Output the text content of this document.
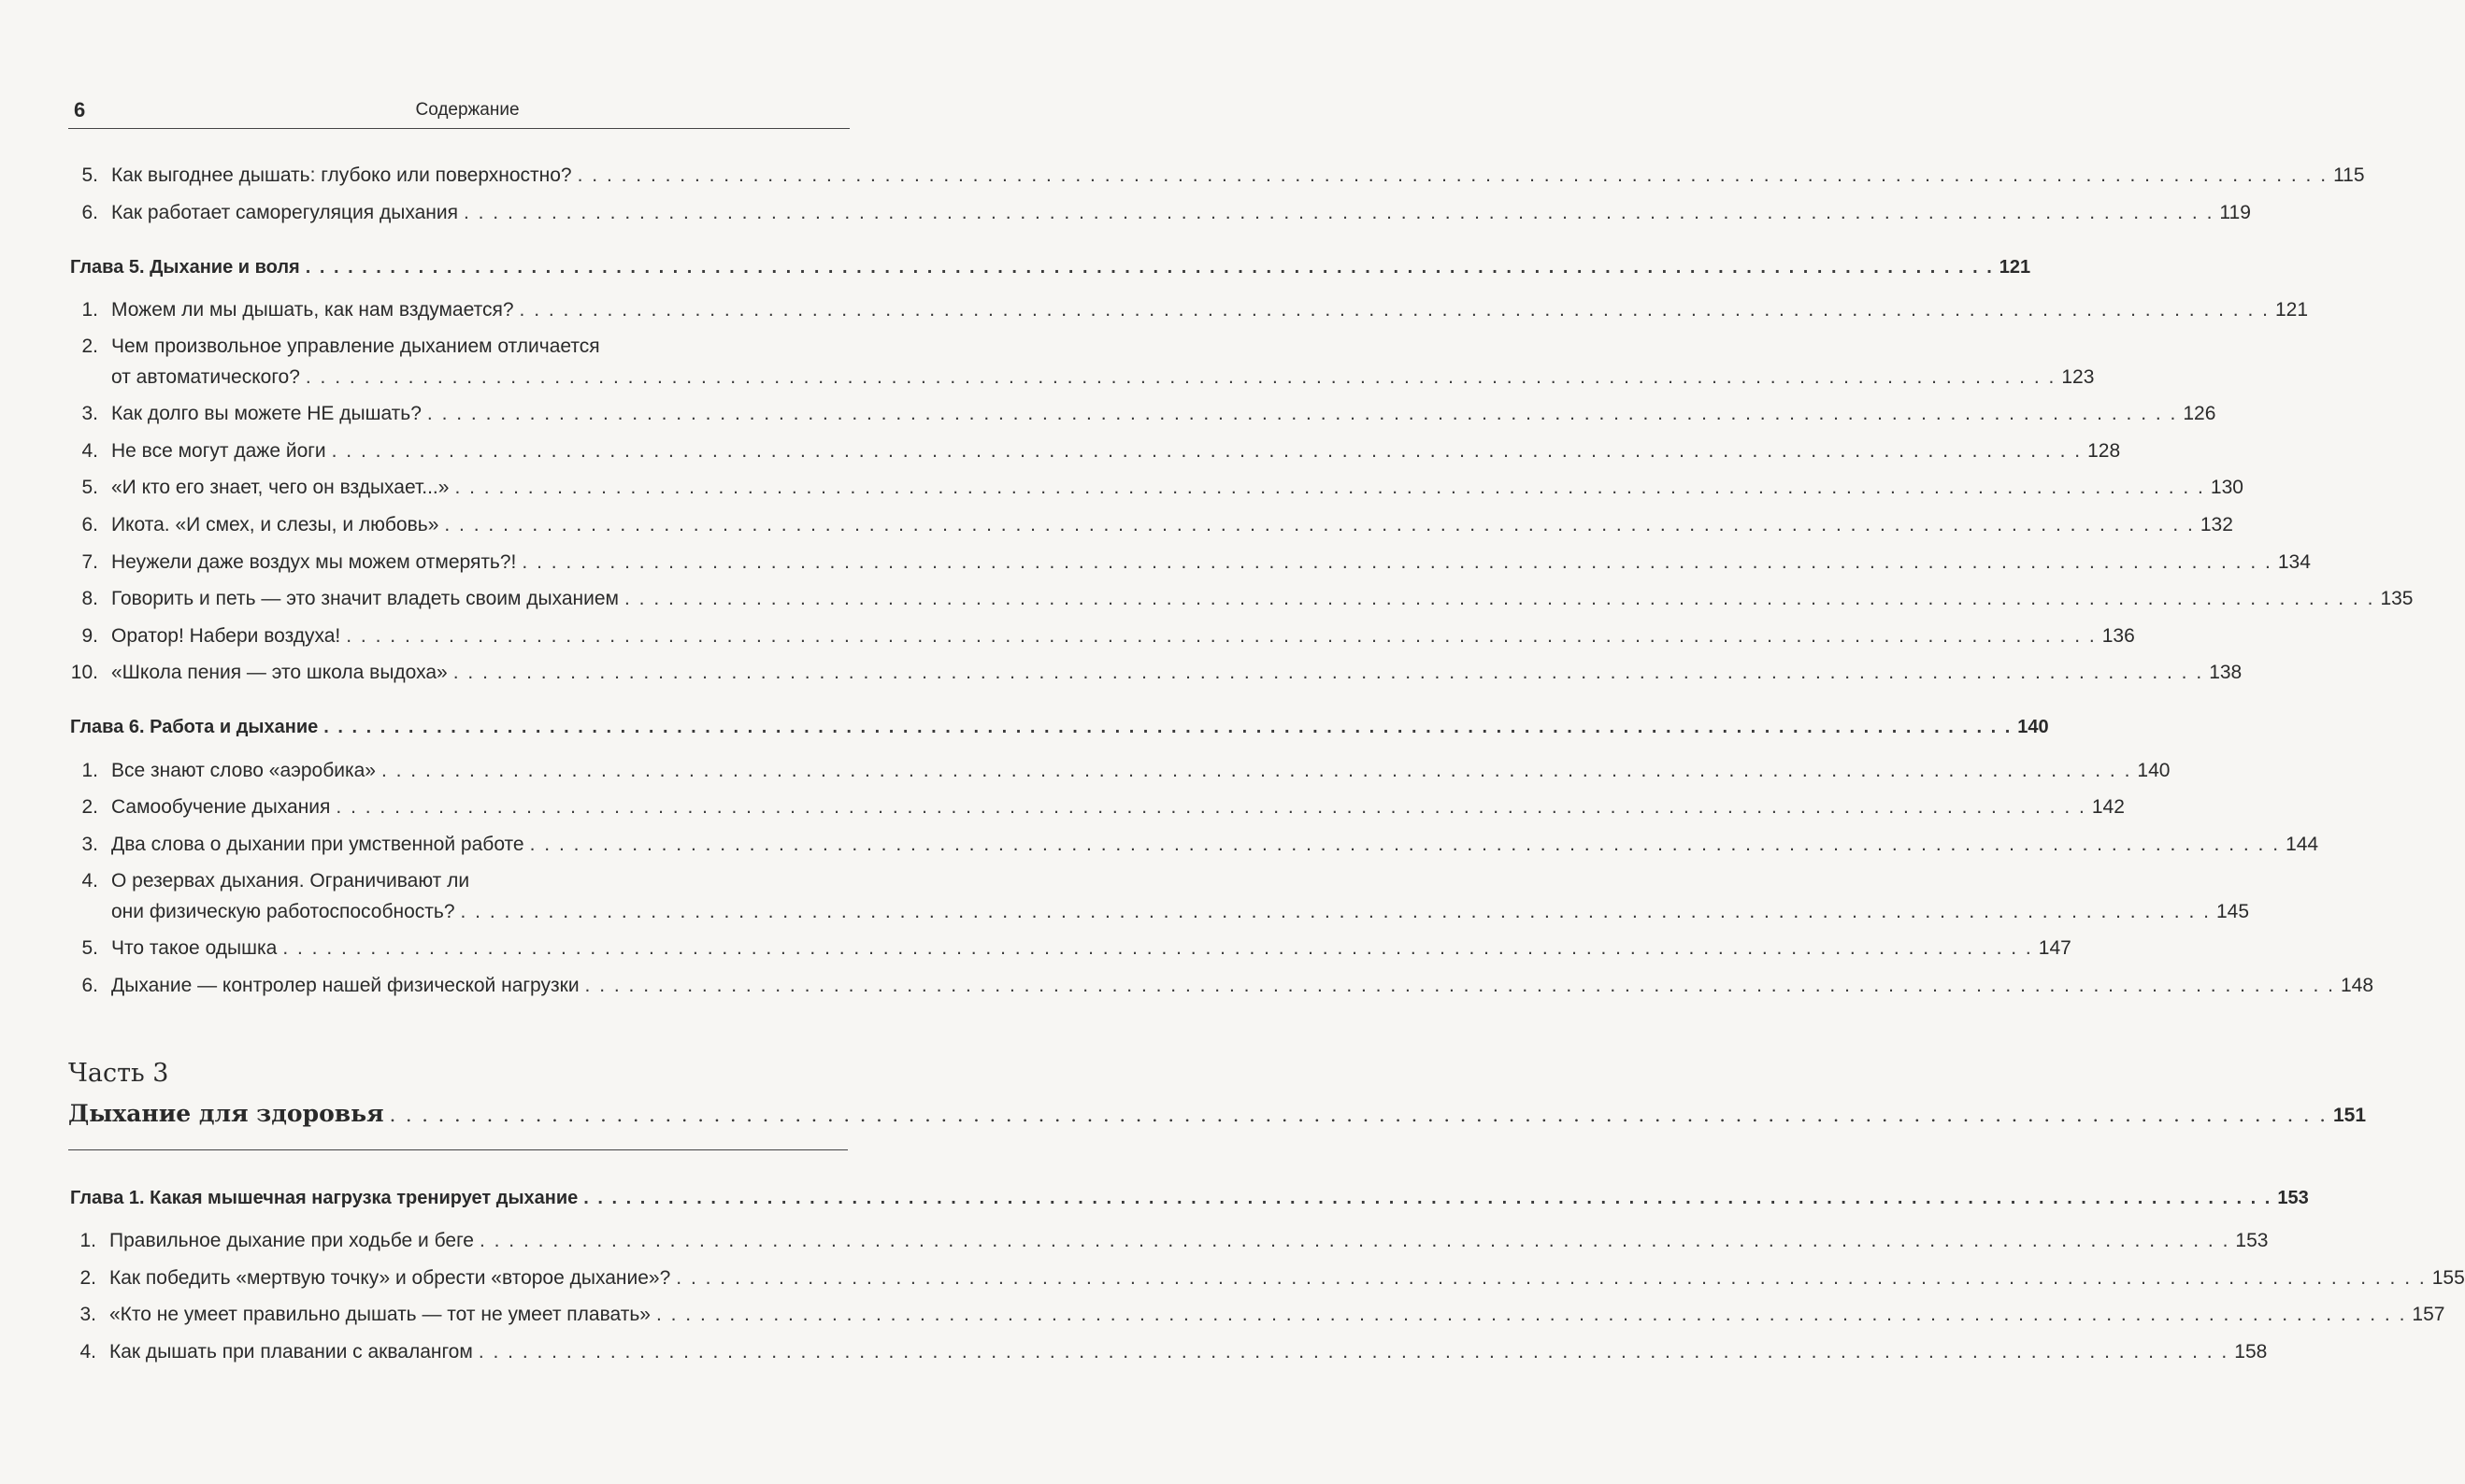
6	Содержание
5. Как выгоднее дышать: глубоко или поверхностно? . . . . . . . . . . . . . . . . . . . . . . . . . . . . . . . . . . . . . . . . . . . . . . . . . . . . . . . . . . . . . . . . . . . . . . . . . . . . . . . . . . . . . . . . . . . . . . . . . . . . . . . . . . . . . . . . . . . . . . . . 115
6. Как работает саморегуляция дыхания . . . . . . . . . . . . . . . . . . . . . . . . . . . . . . . . . . . . . . . . . . . . . . . . . . . . . . . . . . . . . . . . . . . . . . . . . . . . . . . . . . . . . . . . . . . . . . . . . . . . . . . . . . . . . . . . . . . . . . . . 119
Глава 5. Дыхание и воля . . . . . . . . . . . . . . . . . . . . . . . . . . . . . . . . . . . . . . . . . . . . . . . . . . . . . . . . . . . . . . . . . . . . . . . . . . . . . . . . . . . . . . . . . . . . . . . . . . . . . . . . . . . . . . . . . . . . . . . . 121
1. Можем ли мы дышать, как нам вздумается? . . . . . . . . . . . . . . . . . . . . . . . . . . . . . . . . . . . . . . . . . . . . . . . . . . . . . . . . . . . . . . . . . . . . . . . . . . . . . . . . . . . . . . . . . . . . . . . . . . . . . . . . . . . . . . . . . . . . . . . . 121
2. Чем произвольное управление дыханием отличается
от автоматического? . . . . . . . . . . . . . . . . . . . . . . . . . . . . . . . . . . . . . . . . . . . . . . . . . . . . . . . . . . . . . . . . . . . . . . . . . . . . . . . . . . . . . . . . . . . . . . . . . . . . . . . . . . . . . . . . . . . . . . . . 123
3. Как долго вы можете НЕ дышать? . . . . . . . . . . . . . . . . . . . . . . . . . . . . . . . . . . . . . . . . . . . . . . . . . . . . . . . . . . . . . . . . . . . . . . . . . . . . . . . . . . . . . . . . . . . . . . . . . . . . . . . . . . . . . . . . . . . . . . . . 126
4. Не все могут даже йоги . . . . . . . . . . . . . . . . . . . . . . . . . . . . . . . . . . . . . . . . . . . . . . . . . . . . . . . . . . . . . . . . . . . . . . . . . . . . . . . . . . . . . . . . . . . . . . . . . . . . . . . . . . . . . . . . . . . . . . . . 128
5. «И кто его знает, чего он вздыхает...» . . . . . . . . . . . . . . . . . . . . . . . . . . . . . . . . . . . . . . . . . . . . . . . . . . . . . . . . . . . . . . . . . . . . . . . . . . . . . . . . . . . . . . . . . . . . . . . . . . . . . . . . . . . . . . . . . . . . . . . . 130
6. Икота. «И смех, и слезы, и любовь» . . . . . . . . . . . . . . . . . . . . . . . . . . . . . . . . . . . . . . . . . . . . . . . . . . . . . . . . . . . . . . . . . . . . . . . . . . . . . . . . . . . . . . . . . . . . . . . . . . . . . . . . . . . . . . . . . . . . . . . . 132
7. Неужели даже воздух мы можем отмерять?! . . . . . . . . . . . . . . . . . . . . . . . . . . . . . . . . . . . . . . . . . . . . . . . . . . . . . . . . . . . . . . . . . . . . . . . . . . . . . . . . . . . . . . . . . . . . . . . . . . . . . . . . . . . . . . . . . . . . . . . . 134
8. Говорить и петь — это значит владеть своим дыханием . . . . . . . . . . . . . . . . . . . . . . . . . . . . . . . . . . . . . . . . . . . . . . . . . . . . . . . . . . . . . . . . . . . . . . . . . . . . . . . . . . . . . . . . . . . . . . . . . . . . . . . . . . . . . . . . . . . . . . . . 135
9. Оратор! Набери воздуха! . . . . . . . . . . . . . . . . . . . . . . . . . . . . . . . . . . . . . . . . . . . . . . . . . . . . . . . . . . . . . . . . . . . . . . . . . . . . . . . . . . . . . . . . . . . . . . . . . . . . . . . . . . . . . . . . . . . . . . . . 136
10. «Школа пения — это школа выдоха» . . . . . . . . . . . . . . . . . . . . . . . . . . . . . . . . . . . . . . . . . . . . . . . . . . . . . . . . . . . . . . . . . . . . . . . . . . . . . . . . . . . . . . . . . . . . . . . . . . . . . . . . . . . . . . . . . . . . . . . . 138
Глава 6. Работа и дыхание . . . . . . . . . . . . . . . . . . . . . . . . . . . . . . . . . . . . . . . . . . . . . . . . . . . . . . . . . . . . . . . . . . . . . . . . . . . . . . . . . . . . . . . . . . . . . . . . . . . . . . . . . . . . . . . . . . . . . . . . 140
1. Все знают слово «аэробика» . . . . . . . . . . . . . . . . . . . . . . . . . . . . . . . . . . . . . . . . . . . . . . . . . . . . . . . . . . . . . . . . . . . . . . . . . . . . . . . . . . . . . . . . . . . . . . . . . . . . . . . . . . . . . . . . . . . . . . . . 140
2. Самообучение дыхания . . . . . . . . . . . . . . . . . . . . . . . . . . . . . . . . . . . . . . . . . . . . . . . . . . . . . . . . . . . . . . . . . . . . . . . . . . . . . . . . . . . . . . . . . . . . . . . . . . . . . . . . . . . . . . . . . . . . . . . . 142
3. Два слова о дыхании при умственной работе . . . . . . . . . . . . . . . . . . . . . . . . . . . . . . . . . . . . . . . . . . . . . . . . . . . . . . . . . . . . . . . . . . . . . . . . . . . . . . . . . . . . . . . . . . . . . . . . . . . . . . . . . . . . . . . . . . . . . . . . 144
4. О резервах дыхания. Ограничивают ли
они физическую работоспособность? . . . . . . . . . . . . . . . . . . . . . . . . . . . . . . . . . . . . . . . . . . . . . . . . . . . . . . . . . . . . . . . . . . . . . . . . . . . . . . . . . . . . . . . . . . . . . . . . . . . . . . . . . . . . . . . . . . . . . . . . 145
5. Что такое одышка . . . . . . . . . . . . . . . . . . . . . . . . . . . . . . . . . . . . . . . . . . . . . . . . . . . . . . . . . . . . . . . . . . . . . . . . . . . . . . . . . . . . . . . . . . . . . . . . . . . . . . . . . . . . . . . . . . . . . . . . 147
6. Дыхание — контролер нашей физической нагрузки . . . . . . . . . . . . . . . . . . . . . . . . . . . . . . . . . . . . . . . . . . . . . . . . . . . . . . . . . . . . . . . . . . . . . . . . . . . . . . . . . . . . . . . . . . . . . . . . . . . . . . . . . . . . . . . . . . . . . . . . 148
Часть 3
Дыхание для здоровья . . . . . . . . . . . . . . . . . . . . . . . . . . . . . . . . . . . . . . . . . . . . . . . . . . . . . . . . . . . . . . . . . . . . . . . . . . . . . . . . . . . . . . . . . . . . . . . . . . . . . . . . . . . . . . . . . . . . . . . . 151
Глава 1. Какая мышечная нагрузка тренирует дыхание . . . . . . . . . . . . . . . . . . . . . . . . . . . . . . . . . . . . . . . . . . . . . . . . . . . . . . . . . . . . . . . . . . . . . . . . . . . . . . . . . . . . . . . . . . . . . . . . . . . . . . . . . . . . . . . . . . . . . . . . 153
1. Правильное дыхание при ходьбе и беге . . . . . . . . . . . . . . . . . . . . . . . . . . . . . . . . . . . . . . . . . . . . . . . . . . . . . . . . . . . . . . . . . . . . . . . . . . . . . . . . . . . . . . . . . . . . . . . . . . . . . . . . . . . . . . . . . . . . . . . . 153
2. Как победить «мертвую точку» и обрести «второе дыхание»? . . . . . . . . . . . . . . . . . . . . . . . . . . . . . . . . . . . . . . . . . . . . . . . . . . . . . . . . . . . . . . . . . . . . . . . . . . . . . . . . . . . . . . . . . . . . . . . . . . . . . . . . . . . . . . . . . . . . . . . . 155
3. «Кто не умеет правильно дышать — тот не умеет плавать» . . . . . . . . . . . . . . . . . . . . . . . . . . . . . . . . . . . . . . . . . . . . . . . . . . . . . . . . . . . . . . . . . . . . . . . . . . . . . . . . . . . . . . . . . . . . . . . . . . . . . . . . . . . . . . . . . . . . . . . . 157
4. Как дышать при плавании с аквалангом . . . . . . . . . . . . . . . . . . . . . . . . . . . . . . . . . . . . . . . . . . . . . . . . . . . . . . . . . . . . . . . . . . . . . . . . . . . . . . . . . . . . . . . . . . . . . . . . . . . . . . . . . . . . . . . . . . . . . . . . 158
